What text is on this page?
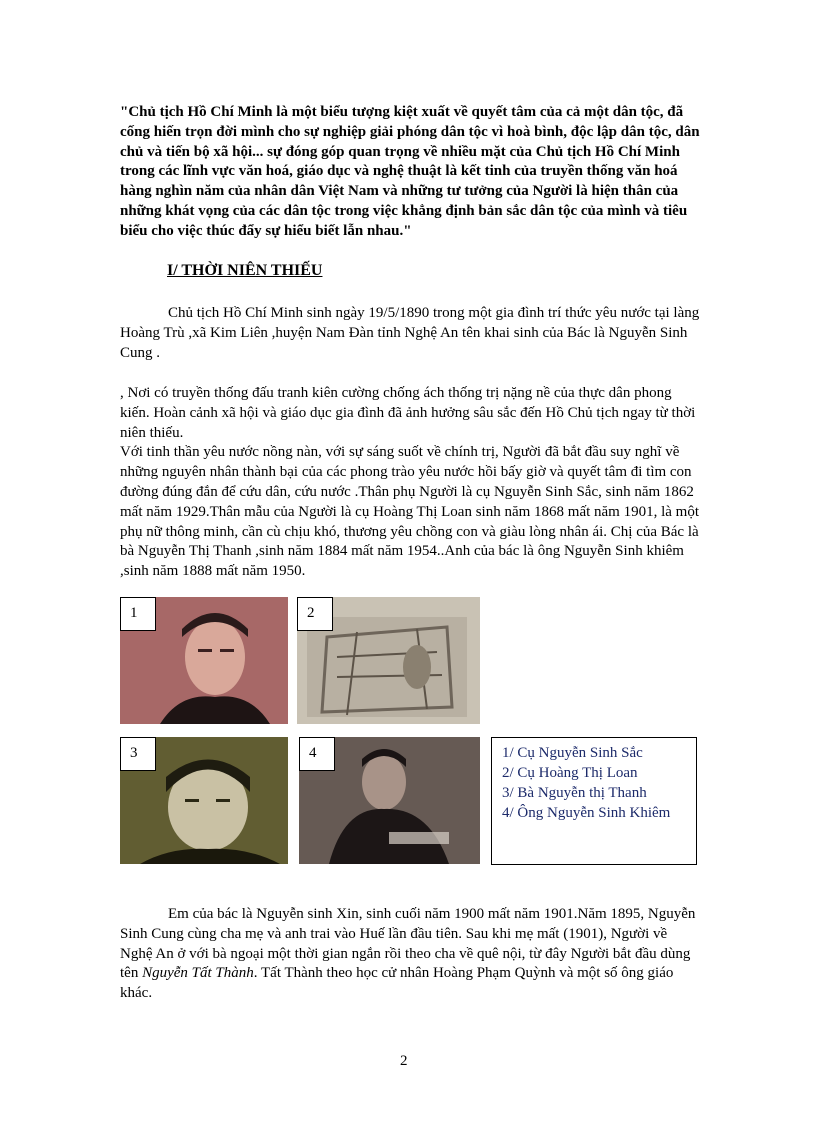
"Chủ tịch Hồ Chí Minh là một biểu tượng kiệt xuất về quyết tâm của cả một dân tộc, đã cống hiến trọn đời mình cho sự nghiệp giải phóng dân tộc vì hoà bình, độc lập dân tộc, dân chủ và tiến bộ xã hội... sự đóng góp quan trọng về nhiều mặt của Chủ tịch Hồ Chí Minh trong các lĩnh vực văn hoá, giáo dục và nghệ thuật là kết tinh của truyền thống văn hoá hàng nghìn năm của nhân dân Việt Nam và những tư tưởng của Người là hiện thân của những khát vọng của các dân tộc trong việc khẳng định bản sắc dân tộc của mình và tiêu biểu cho việc thúc đẩy sự hiểu biết lẫn nhau."

I/ THỜI NIÊN THIẾU

Chủ tịch Hồ Chí Minh sinh ngày 19/5/1890 trong một gia đình trí thức yêu nước tại làng Hoàng Trù ,xã Kim Liên ,huyện Nam Đàn tỉnh Nghệ An tên khai sinh của Bác là Nguyễn Sinh Cung .

, Nơi có truyền thống đấu tranh kiên cường chống ách thống trị nặng nề của thực dân phong kiến. Hoàn cảnh xã hội và giáo dục gia đình đã ảnh hưởng sâu sắc đến Hồ Chủ tịch ngay từ thời niên thiếu.
Với tinh thần yêu nước nồng nàn, với sự sáng suốt về chính trị, Người đã bắt đầu suy nghĩ về những nguyên nhân thành bại của các phong trào yêu nước hồi bấy giờ và quyết tâm đi tìm con đường đúng đắn để cứu dân, cứu nước .Thân phụ Người là cụ Nguyễn Sinh Sắc, sinh năm 1862 mất năm 1929.Thân mẫu của Người là cụ Hoàng Thị Loan sinh năm 1868 mất năm 1901, là một phụ nữ thông minh, cần cù chịu khó, thương yêu chồng con và giàu lòng nhân ái. Chị của Bác là bà Nguyễn Thị Thanh ,sinh năm 1884 mất năm 1954..Anh của bác là ông Nguyễn Sinh khiêm ,sinh năm 1888 mất năm 1950.
1	2
3	4	1/ Cụ Nguyễn Sinh Sắc
2/ Cụ Hoàng Thị Loan
3/ Bà Nguyễn thị Thanh
4/ Ông Nguyễn Sinh Khiêm

Em của bác là Nguyễn sinh Xin, sinh cuối năm 1900 mất năm 1901.Năm 1895, Nguyễn Sinh Cung cùng cha mẹ và anh trai vào Huế lần đầu tiên. Sau khi mẹ mất (1901), Người về Nghệ An ở với bà ngoại một thời gian ngắn rồi theo cha về quê nội, từ đây Người bắt đầu dùng tên Nguyễn Tất Thành. Tất Thành theo học cử nhân Hoàng Phạm Quỳnh và một số ông giáo khác.

2
